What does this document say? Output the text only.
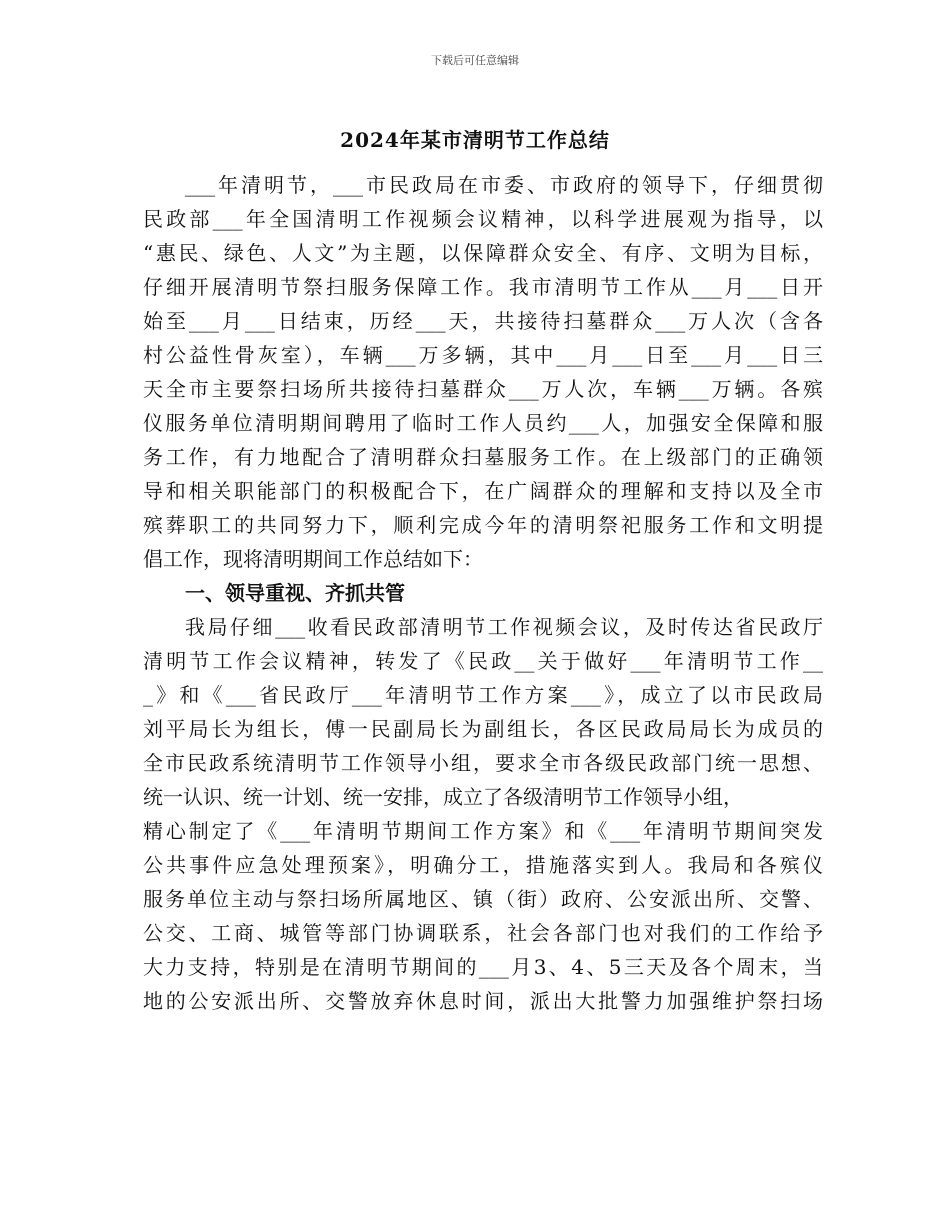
下载后可任意编辑
2024年某市清明节工作总结
___年清明节，___市民政局在市委、市政府的领导下，仔细贯彻
民政部___年全国清明工作视频会议精神，以科学进展观为指导，以
“惠民、绿色、人文”为主题，以保障群众安全、有序、文明为目标，
仔细开展清明节祭扫服务保障工作。我市清明节工作从___月___日开
始至___月___日结束，历经___天，共接待扫墓群众___万人次（含各
村公益性骨灰室），车辆___万多辆，其中___月___日至___月___日三
天全市主要祭扫场所共接待扫墓群众___万人次，车辆___万辆。各殡
仪服务单位清明期间聘用了临时工作人员约___人，加强安全保障和服
务工作，有力地配合了清明群众扫墓服务工作。在上级部门的正确领
导和相关职能部门的积极配合下，在广阔群众的理解和支持以及全市
殡葬职工的共同努力下，顺利完成今年的清明祭祀服务工作和文明提
倡工作，现将清明期间工作总结如下：
一、领导重视、齐抓共管
我局仔细___收看民政部清明节工作视频会议，及时传达省民政厅
清明节工作会议精神，转发了《民政__关于做好___年清明节工作__
_》和《___省民政厅___年清明节工作方案___》，成立了以市民政局
刘平局长为组长，傅一民副局长为副组长，各区民政局局长为成员的
全市民政系统清明节工作领导小组，要求全市各级民政部门统一思想、
统一认识、统一计划、统一安排，成立了各级清明节工作领导小组，
精心制定了《___年清明节期间工作方案》和《___年清明节期间突发
公共事件应急处理预案》，明确分工，措施落实到人。我局和各殡仪
服务单位主动与祭扫场所属地区、镇（街）政府、公安派出所、交警、
公交、工商、城管等部门协调联系，社会各部门也对我们的工作给予
大力支持，特别是在清明节期间的___月3、4、5三天及各个周末，当
地的公安派出所、交警放弃休息时间，派出大批警力加强维护祭扫场
